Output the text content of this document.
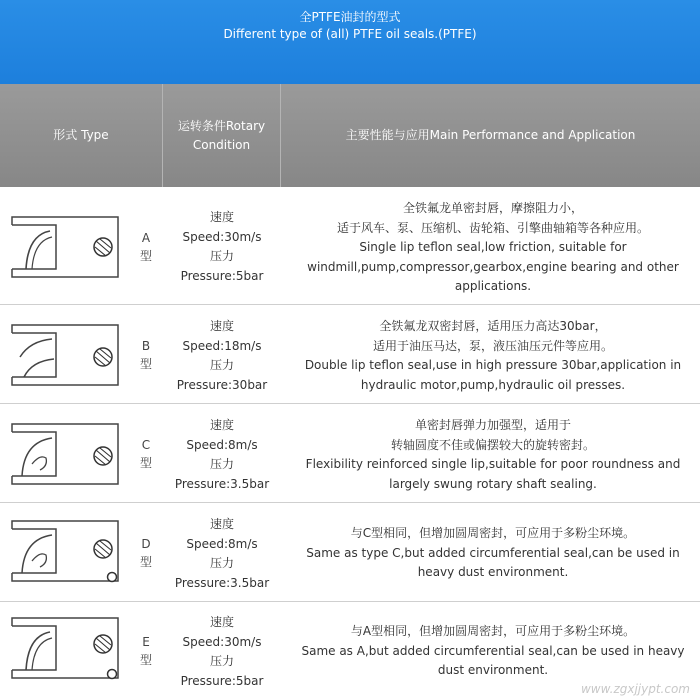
全PTFE油封的型式
Different type of (all) PTFE oil seals.(PTFE)
形式 Type
运转条件Rotary
Condition
主要性能与应用Main Performance and Application
A
型
速度
Speed:30m/s
压力
Pressure:5bar
全铁氟龙单密封唇，摩擦阻力小，
适于风车、泵、压缩机、齿轮箱、引擎曲轴箱等各种应用。
Single lip teflon seal,low friction, suitable for
windmill,pump,compressor,gearbox,engine bearing and other
applications.
B
型
速度
Speed:18m/s
压力
Pressure:30bar
全铁氟龙双密封唇，适用压力高达30bar，
适用于油压马达，泵，液压油压元件等应用。
Double lip teflon seal,use in high pressure 30bar,application in
hydraulic motor,pump,hydraulic oil presses.
C
型
速度
Speed:8m/s
压力
Pressure:3.5bar
单密封唇弹力加强型，适用于
转轴圆度不佳或偏摆较大的旋转密封。
Flexibility reinforced single lip,suitable for poor roundness and
largely swung rotary shaft sealing.
D
型
速度
Speed:8m/s
压力
Pressure:3.5bar
与C型相同，但增加圆周密封，可应用于多粉尘环境。
Same as type C,but added circumferential seal,can be used in
heavy dust environment.
E
型
速度
Speed:30m/s
压力
Pressure:5bar
与A型相同，但增加圆周密封，可应用于多粉尘环境。
Same as A,but added circumferential seal,can be used in heavy
dust environment.
www.zgxjjypt.com
